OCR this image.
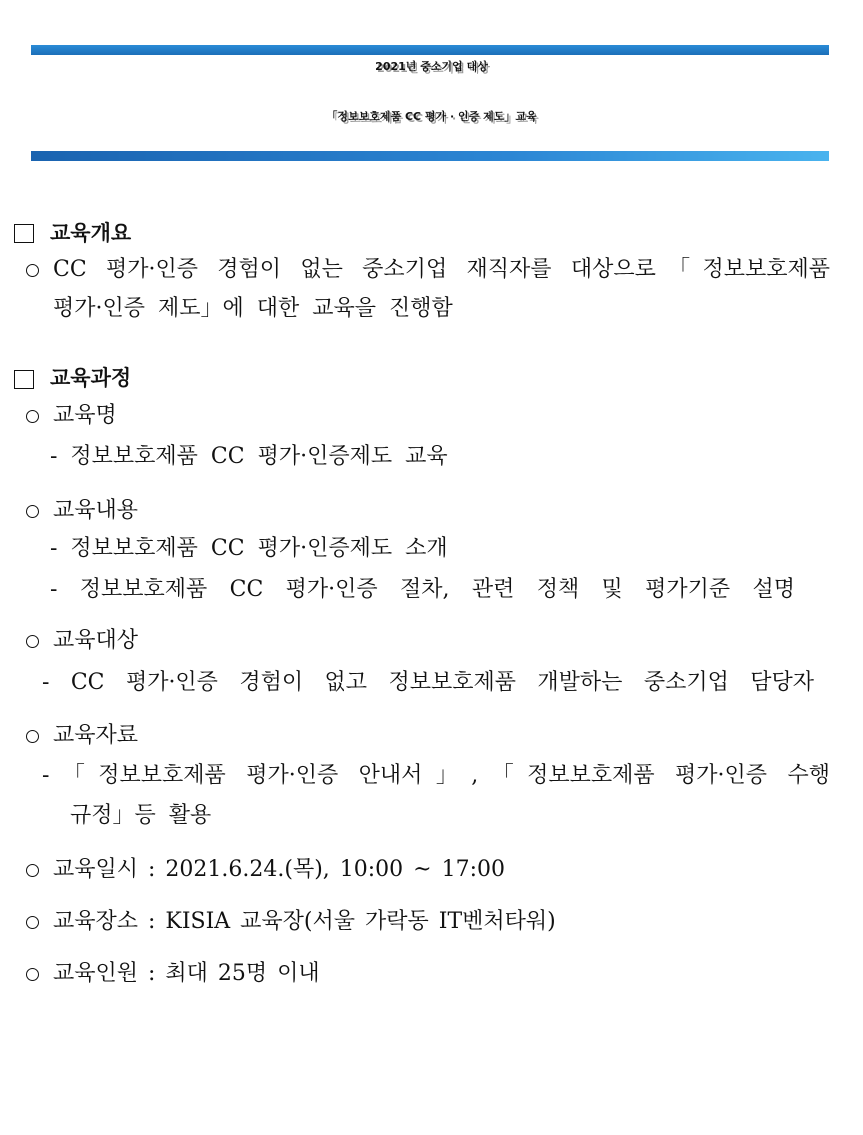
2021년 중소기업 대상
「정보보호제품 CC 평가 · 인증 제도」교육
교육개요
CC 평가·인증 경험이 없는 중소기업 재직자를 대상으로「정보보호제품
평가·인증 제도」에 대한 교육을 진행함
교육과정
교육명
- 정보보호제품 CC 평가·인증제도 교육
교육내용
- 정보보호제품 CC 평가·인증제도 소개
- 정보보호제품 CC 평가·인증 절차, 관련 정책 및 평가기준 설명
교육대상
- CC 평가·인증 경험이 없고 정보보호제품 개발하는 중소기업 담당자
교육자료
-「정보보호제품 평가·인증 안내서」,「정보보호제품 평가·인증 수행
규정」등 활용
교육일시 : 2021.6.24.(목), 10:00 ~ 17:00
교육장소 : KISIA 교육장(서울 가락동 IT벤처타워)
교육인원 : 최대 25명 이내
